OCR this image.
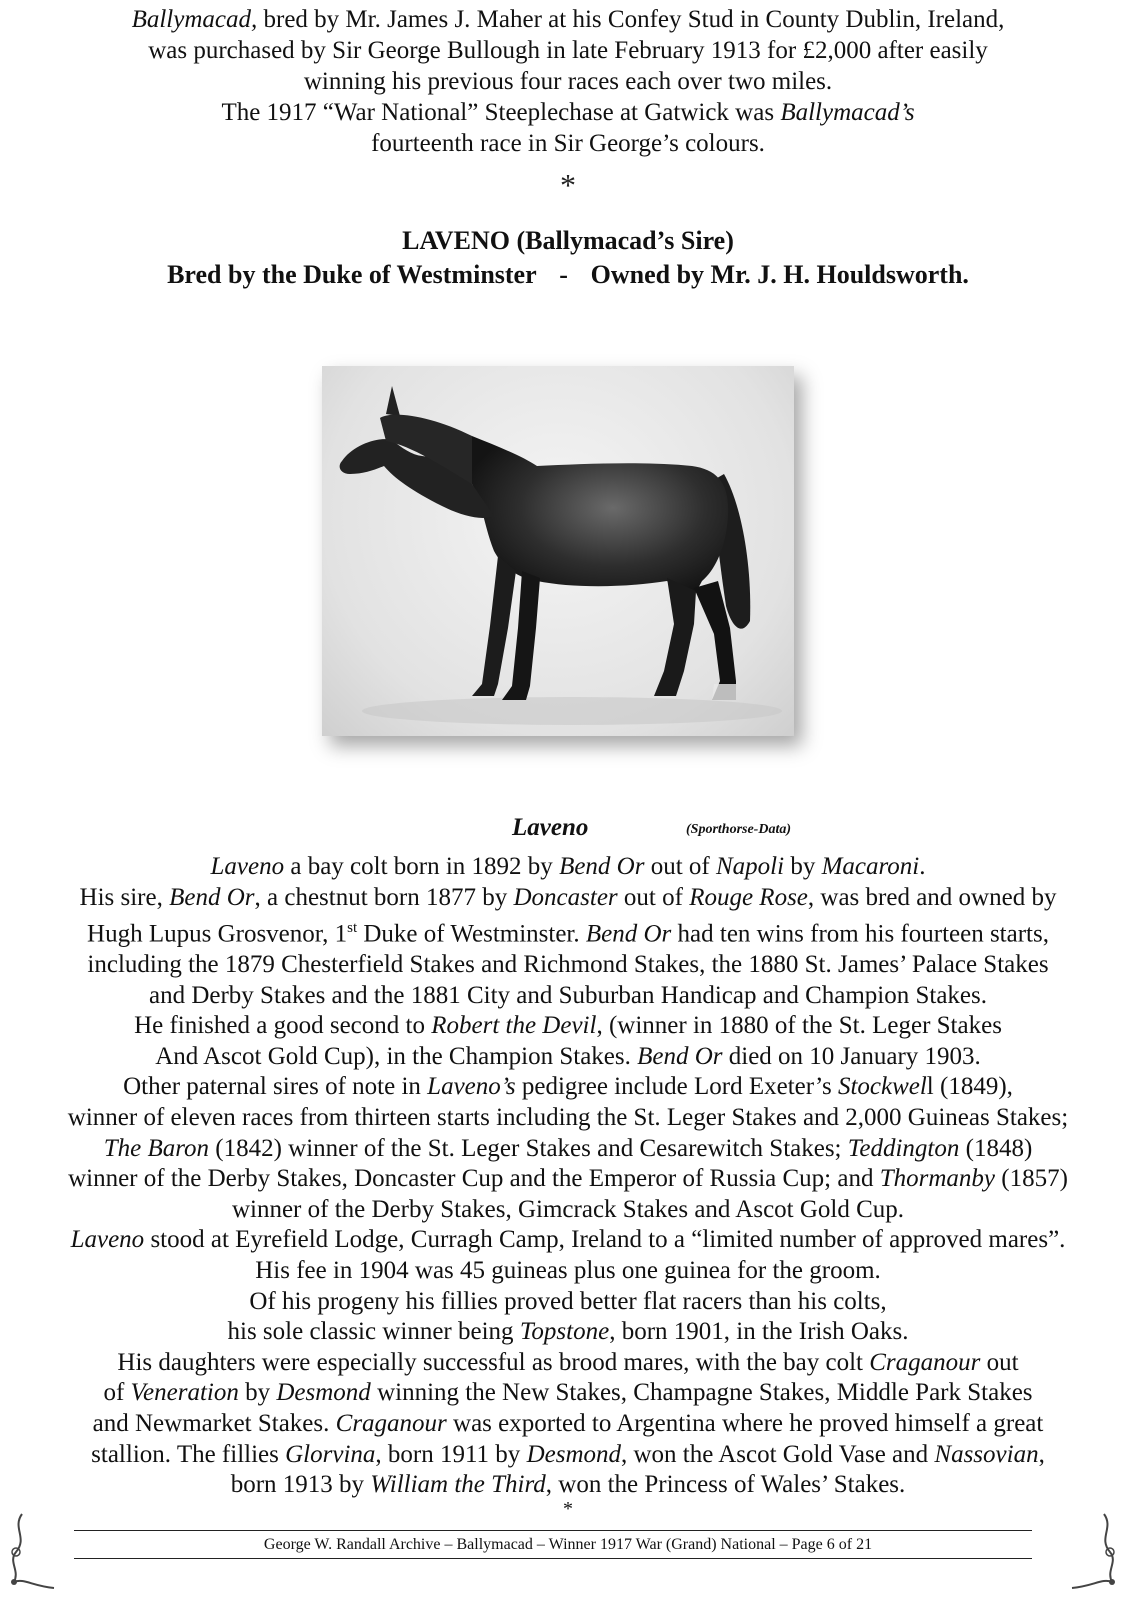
Ballymacad, bred by Mr. James J. Maher at his Confey Stud in County Dublin, Ireland,

was purchased by Sir George Bullough in late February 1913 for £2,000 after easily

winning his previous four races each over two miles.

The 1917 “War National” Steeplechase at Gatwick was Ballymacad’s

fourteenth race in Sir George’s colours.

*

LAVENO (Ballymacad’s Sire)

Bred by the Duke of Westminster - Owned by Mr. J. H. Houldsworth.

Laveno	(Sporthorse-Data)

Laveno a bay colt born in 1892 by Bend Or out of Napoli by Macaroni.

His sire, Bend Or, a chestnut born 1877 by Doncaster out of Rouge Rose, was bred and owned by

Hugh Lupus Grosvenor, 1st Duke of Westminster. Bend Or had ten wins from his fourteen starts,

including the 1879 Chesterfield Stakes and Richmond Stakes, the 1880 St. James’ Palace Stakes

and Derby Stakes and the 1881 City and Suburban Handicap and Champion Stakes.

He finished a good second to Robert the Devil, (winner in 1880 of the St. Leger Stakes

And Ascot Gold Cup), in the Champion Stakes. Bend Or died on 10 January 1903.

Other paternal sires of note in Laveno’s pedigree include Lord Exeter’s Stockwell (1849),

winner of eleven races from thirteen starts including the St. Leger Stakes and 2,000 Guineas Stakes;

The Baron (1842) winner of the St. Leger Stakes and Cesarewitch Stakes; Teddington (1848)

winner of the Derby Stakes, Doncaster Cup and the Emperor of Russia Cup; and Thormanby (1857)

winner of the Derby Stakes, Gimcrack Stakes and Ascot Gold Cup.

Laveno stood at Eyrefield Lodge, Curragh Camp, Ireland to a “limited number of approved mares”.

His fee in 1904 was 45 guineas plus one guinea for the groom.

Of his progeny his fillies proved better flat racers than his colts,

his sole classic winner being Topstone, born 1901, in the Irish Oaks.

His daughters were especially successful as brood mares, with the bay colt Craganour out

of Veneration by Desmond winning the New Stakes, Champagne Stakes, Middle Park Stakes

and Newmarket Stakes. Craganour was exported to Argentina where he proved himself a great

stallion. The fillies Glorvina, born 1911 by Desmond, won the Ascot Gold Vase and Nassovian,

born 1913 by William the Third, won the Princess of Wales’ Stakes.

*
George W. Randall Archive – Ballymacad – Winner 1917 War (Grand) National – Page 6 of 21
